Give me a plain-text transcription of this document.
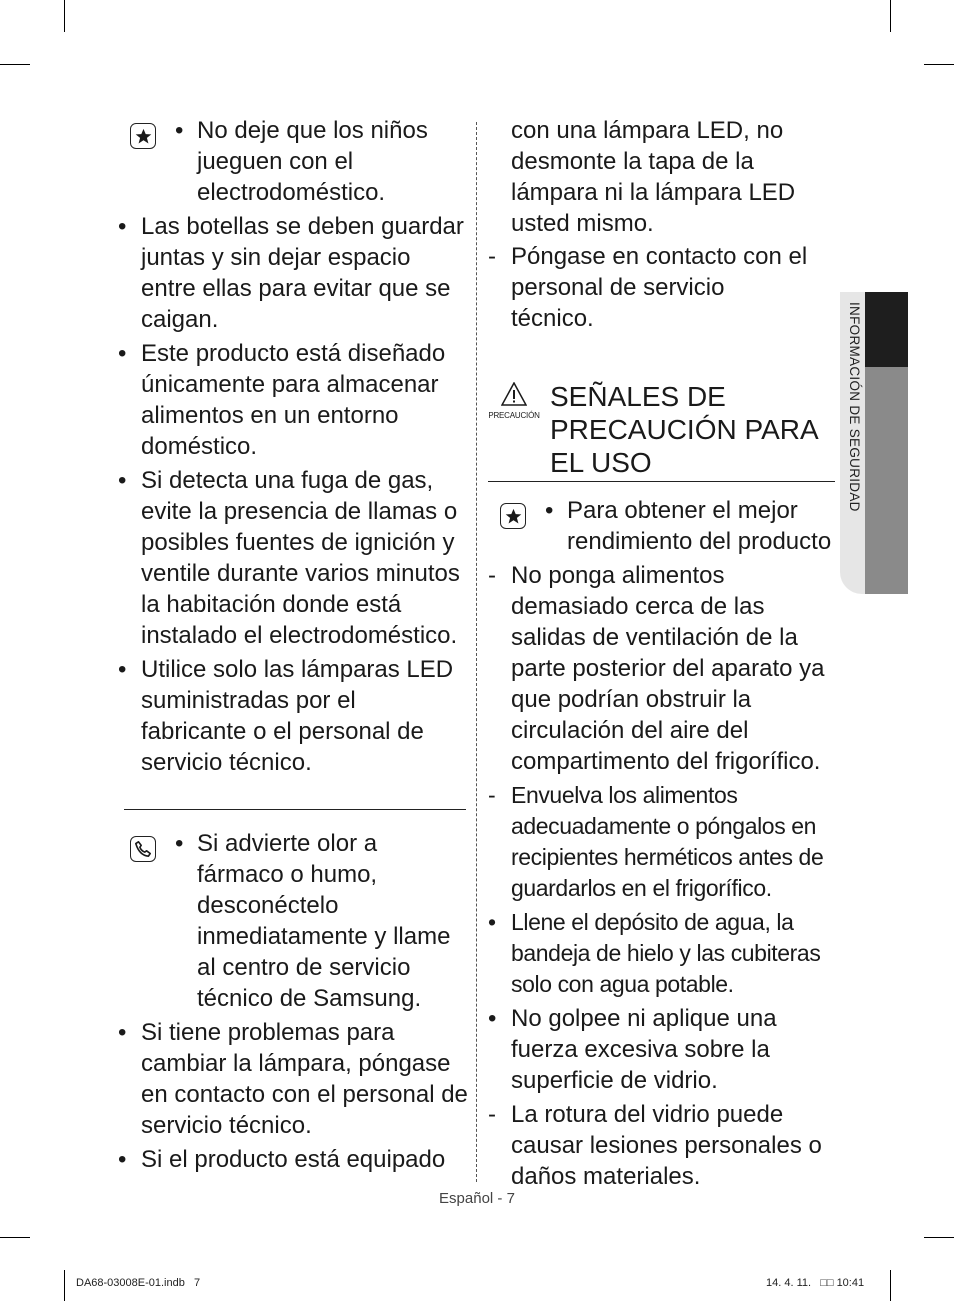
INFORMACIÓN DE SEGURIDAD
• No deje que los niños jueguen con el electrodoméstico.
• Las botellas se deben guardar juntas y sin dejar espacio entre ellas para evitar que se caigan.
• Este producto está diseñado únicamente para almacenar alimentos en un entorno doméstico.
• Si detecta una fuga de gas, evite la presencia de llamas o posibles fuentes de ignición y ventile durante varios minutos la habitación donde está instalado el electrodoméstico.
• Utilice solo las lámparas LED suministradas por el fabricante o el personal de servicio técnico.
• Si advierte olor a fármaco o humo, desconéctelo inmediatamente y llame al centro de servicio técnico de Samsung.
• Si tiene problemas para cambiar la lámpara, póngase en contacto con el personal de servicio técnico.
• Si el producto está equipado
con una lámpara LED, no desmonte la tapa de la lámpara ni la lámpara LED usted mismo.
- Póngase en contacto con el personal de servicio técnico.
PRECAUCIÓN
SEÑALES DE PRECAUCIÓN PARA EL USO
• Para obtener el mejor rendimiento del producto
- No ponga alimentos demasiado cerca de las salidas de ventilación de la parte posterior del aparato ya que podrían obstruir la circulación del aire del compartimento del frigorífico.
- Envuelva los alimentos adecuadamente o póngalos en recipientes herméticos antes de guardarlos en el frigorífico.
• Llene el depósito de agua, la bandeja de hielo y las cubiteras solo con agua potable.
• No golpee ni aplique una fuerza excesiva sobre la superficie de vidrio.
- La rotura del vidrio puede causar lesiones personales o daños materiales.
Español - 7
DA68-03008E-01.indb   7	14. 4. 11.   □□ 10:41
